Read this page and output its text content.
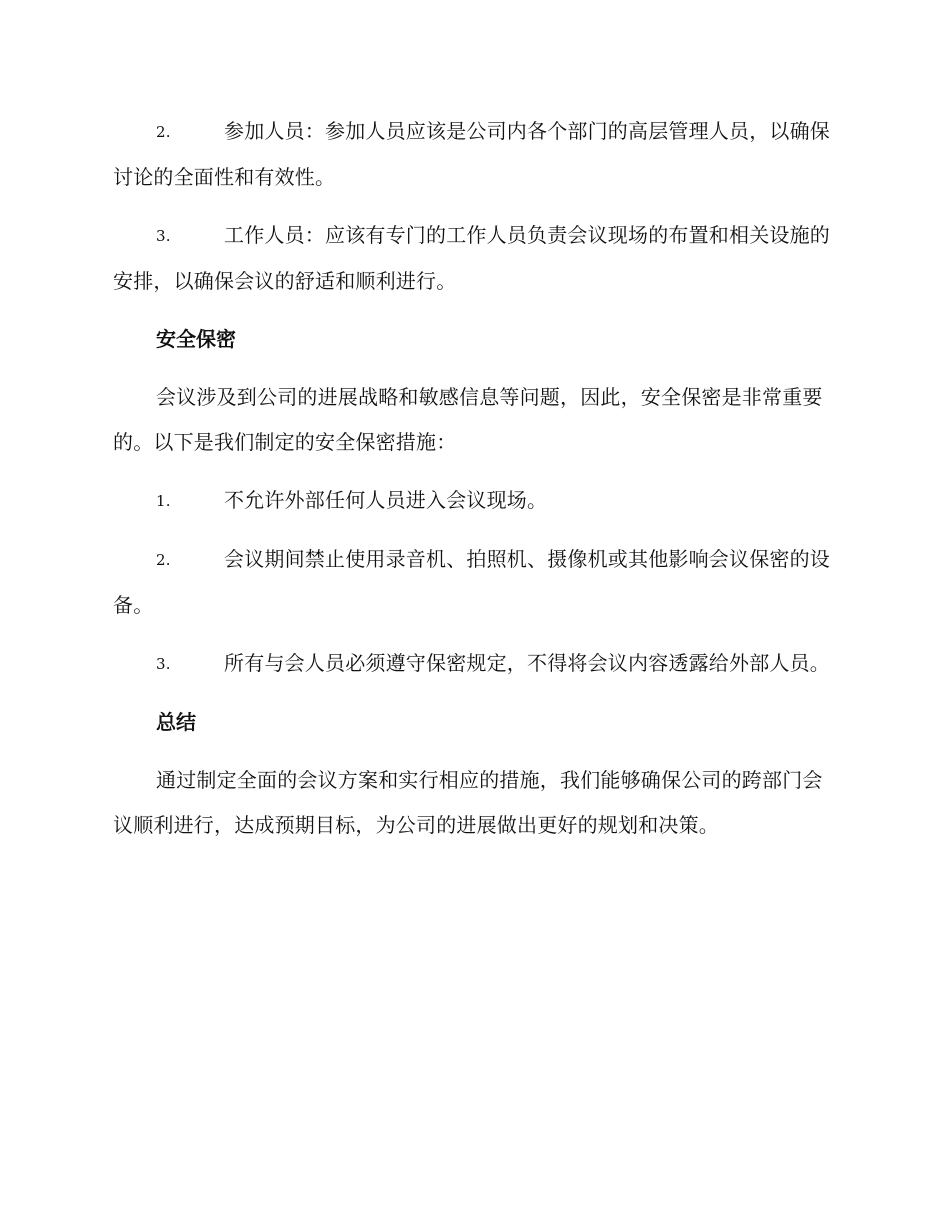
2.	参加人员：参加人员应该是公司内各个部门的高层管理人员，以确保讨论的全面性和有效性。

3.	工作人员：应该有专门的工作人员负责会议现场的布置和相关设施的安排，以确保会议的舒适和顺利进行。

安全保密

会议涉及到公司的进展战略和敏感信息等问题，因此，安全保密是非常重要的。以下是我们制定的安全保密措施：

1.	不允许外部任何人员进入会议现场。

2.	会议期间禁止使用录音机、拍照机、摄像机或其他影响会议保密的设备。

3.	所有与会人员必须遵守保密规定，不得将会议内容透露给外部人员。

总结

通过制定全面的会议方案和实行相应的措施，我们能够确保公司的跨部门会议顺利进行，达成预期目标，为公司的进展做出更好的规划和决策。
